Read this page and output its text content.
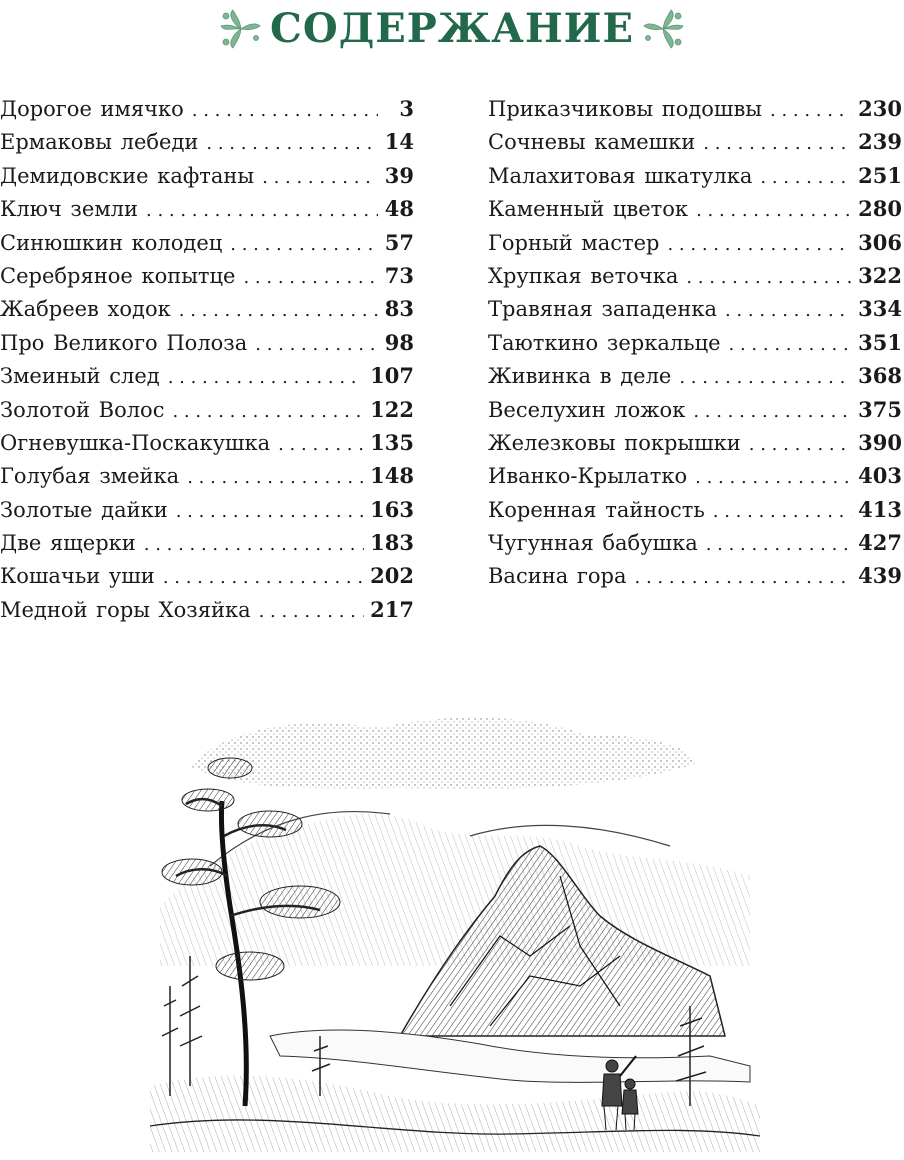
СОДЕРЖАНИЕ
Дорогое имячко . . .	3
Ермаковы лебеди . . .	14
Демидовские кафтаны . . .	39
Ключ земли . . .	48
Синюшкин колодец . . .	57
Серебряное копытце . . .	73
Жабреев ходок . . .	83
Про Великого Полоза . . .	98
Змеиный след . . .	107
Золотой Волос . . .	122
Огневушка-Поскакушка . . .	135
Голубая змейка . . .	148
Золотые дайки . . .	163
Две ящерки . . .	183
Кошачьи уши . . .	202
Медной горы Хозяйка . . .	217
Приказчиковы подошвы . . .	230
Сочневы камешки . . .	239
Малахитовая шкатулка . . .	251
Каменный цветок . . .	280
Горный мастер . . .	306
Хрупкая веточка . . .	322
Травяная западенка . . .	334
Таюткино зеркальце . . .	351
Живинка в деле . . .	368
Веселухин ложок . . .	375
Железковы покрышки . . .	390
Иванко-Крылатко . . .	403
Коренная тайность . . .	413
Чугунная бабушка . . .	427
Васина гора . . .	439
